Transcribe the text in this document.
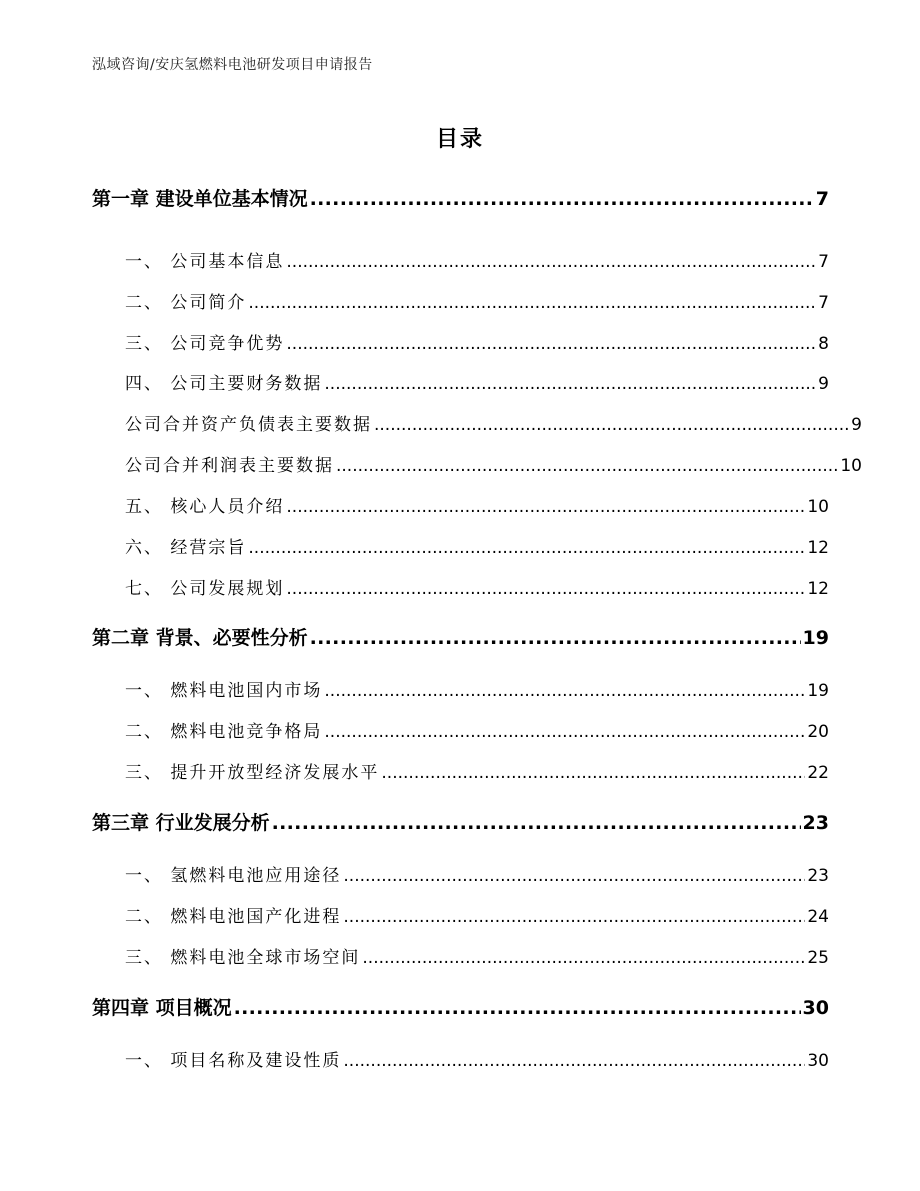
泓域咨询/安庆氢燃料电池研发项目申请报告
目录
第一章 建设单位基本情况 .....	7
一、 公司基本信息 .....	7
二、 公司简介 .....	7
三、 公司竞争优势 .....	8
四、 公司主要财务数据 .....	9
公司合并资产负债表主要数据 .....	9
公司合并利润表主要数据 .....	10
五、 核心人员介绍 .....	10
六、 经营宗旨 .....	12
七、 公司发展规划 .....	12
第二章 背景、必要性分析 .....	19
一、 燃料电池国内市场 .....	19
二、 燃料电池竞争格局 .....	20
三、 提升开放型经济发展水平 .....	22
第三章 行业发展分析 .....	23
一、 氢燃料电池应用途径 .....	23
二、 燃料电池国产化进程 .....	24
三、 燃料电池全球市场空间 .....	25
第四章 项目概况 .....	30
一、 项目名称及建设性质 .....	30
